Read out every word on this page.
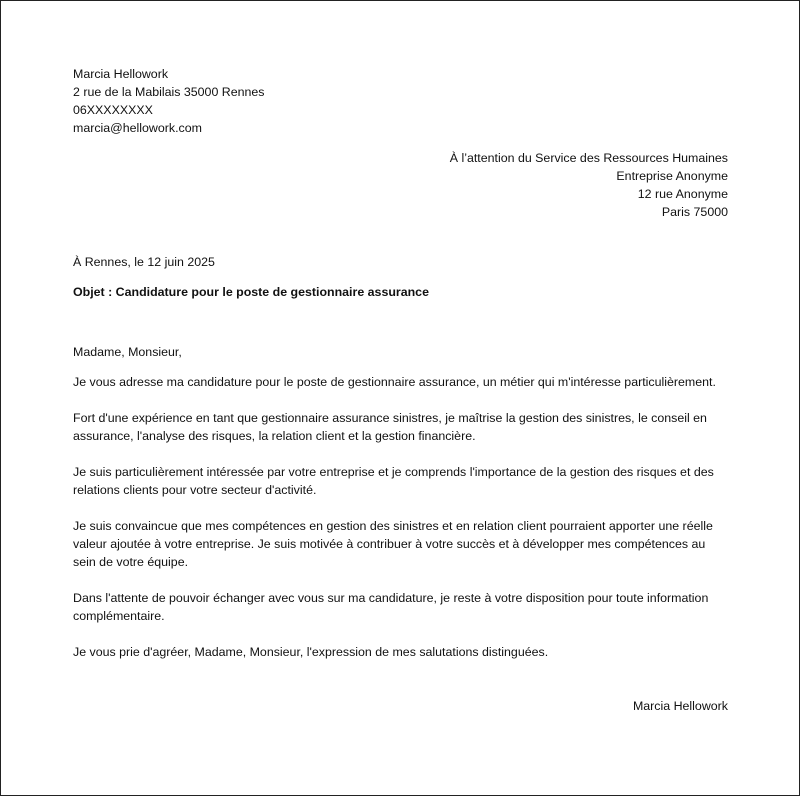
Marcia Hellowork
2 rue de la Mabilais 35000 Rennes
06XXXXXXXX
marcia@hellowork.com
À l’attention du Service des Ressources Humaines
Entreprise Anonyme
12 rue Anonyme
Paris 75000
À Rennes, le 12 juin 2025
Objet : Candidature pour le poste de gestionnaire assurance
Madame, Monsieur,
Je vous adresse ma candidature pour le poste de gestionnaire assurance, un métier qui m'intéresse particulièrement.
Fort d'une expérience en tant que gestionnaire assurance sinistres, je maîtrise la gestion des sinistres, le conseil en assurance, l'analyse des risques, la relation client et la gestion financière.
Je suis particulièrement intéressée par votre entreprise et je comprends l'importance de la gestion des risques et des relations clients pour votre secteur d'activité.
Je suis convaincue que mes compétences en gestion des sinistres et en relation client pourraient apporter une réelle valeur ajoutée à votre entreprise. Je suis motivée à contribuer à votre succès et à développer mes compétences au sein de votre équipe.
Dans l'attente de pouvoir échanger avec vous sur ma candidature, je reste à votre disposition pour toute information complémentaire.
Je vous prie d'agréer, Madame, Monsieur, l'expression de mes salutations distinguées.
Marcia Hellowork
